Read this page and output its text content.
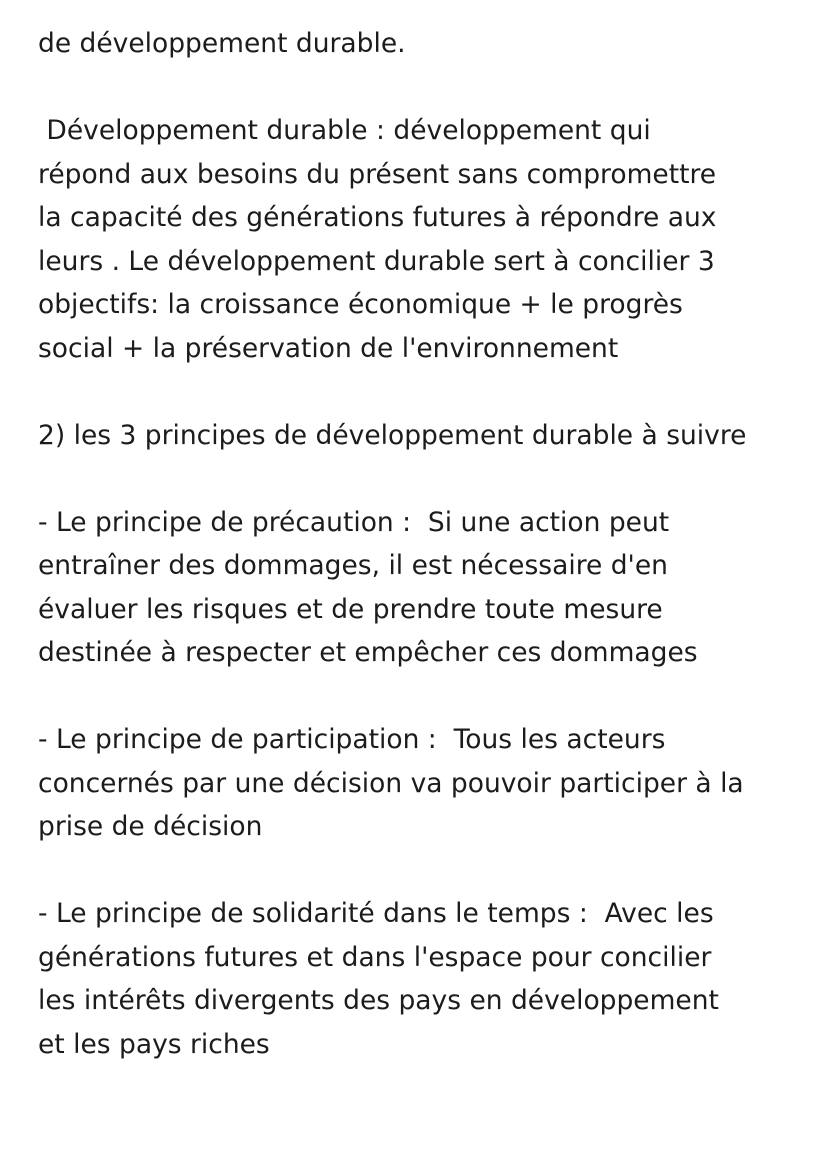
de développement durable.
Développement durable : développement qui
répond aux besoins du présent sans compromettre
la capacité des générations futures à répondre aux
leurs . Le développement durable sert à concilier 3
objectifs: la croissance économique + le progrès
social + la préservation de l'environnement
2) les 3 principes de développement durable à suivre
- Le principe de précaution :  Si une action peut
entraîner des dommages, il est nécessaire d'en
évaluer les risques et de prendre toute mesure
destinée à respecter et empêcher ces dommages
- Le principe de participation :  Tous les acteurs
concernés par une décision va pouvoir participer à la
prise de décision
- Le principe de solidarité dans le temps :  Avec les
générations futures et dans l'espace pour concilier
les intérêts divergents des pays en développement
et les pays riches
